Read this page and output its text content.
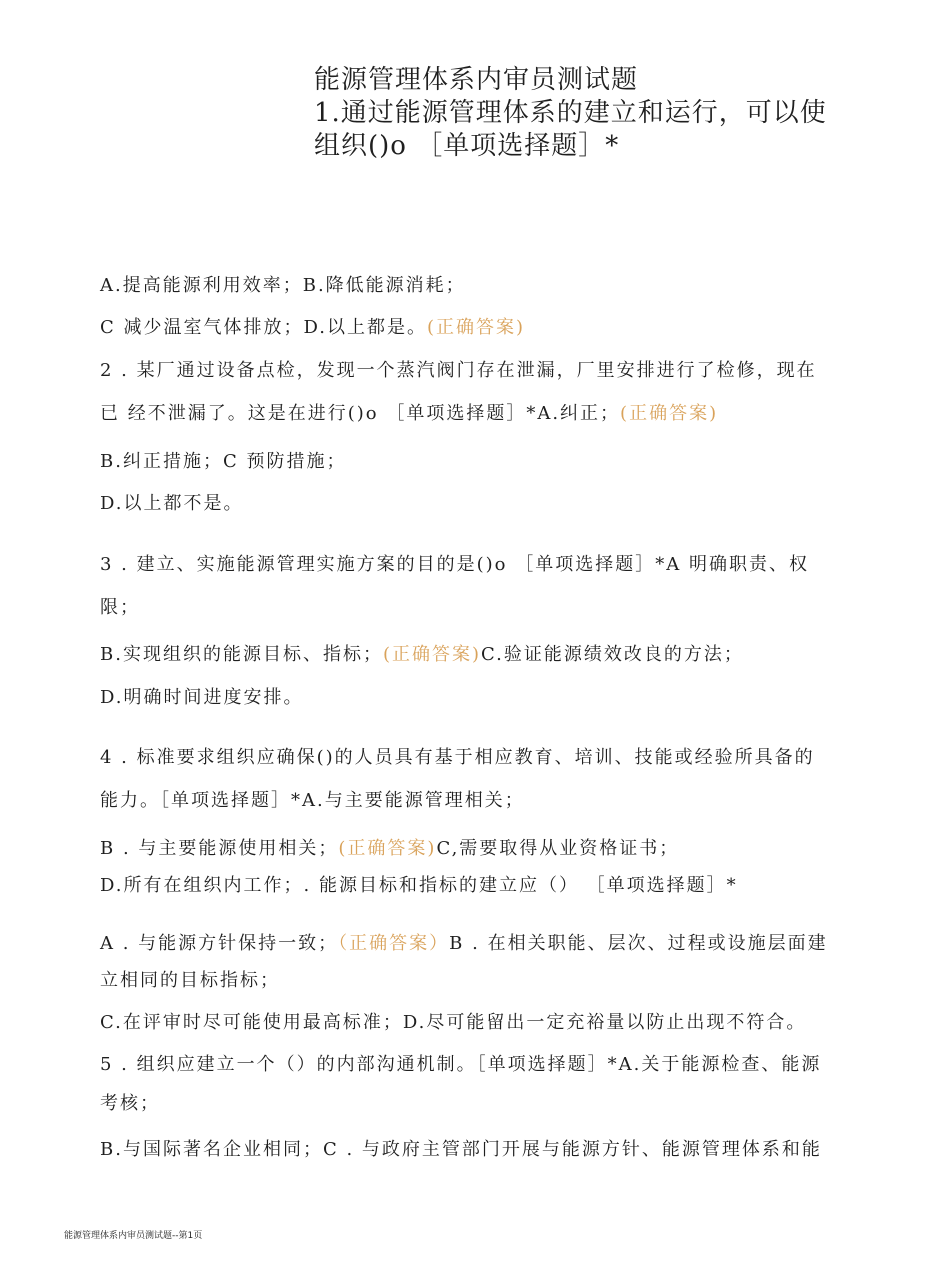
能源管理体系内审员测试题
1.通过能源管理体系的建立和运行，可以使
组织()o ［单项选择题］*
A.提高能源利用效率；B.降低能源消耗；
C 减少温室气体排放；D.以上都是。(正确答案)
2 . 某厂通过设备点检，发现一个蒸汽阀门存在泄漏，厂里安排进行了检修，现在
已 经不泄漏了。这是在进行()o ［单项选择题］*A.纠正；(正确答案)
B.纠正措施；C 预防措施；
D.以上都不是。
3 . 建立、实施能源管理实施方案的目的是()o ［单项选择题］*A 明确职责、权
限；
B.实现组织的能源目标、指标；(正确答案)C.验证能源绩效改良的方法；
D.明确时间进度安排。
4 . 标准要求组织应确保()的人员具有基于相应教育、培训、技能或经验所具备的
能力。［单项选择题］*A.与主要能源管理相关；
B . 与主要能源使用相关；(正确答案)C,需要取得从业资格证书；
D.所有在组织内工作；. 能源目标和指标的建立应（） ［单项选择题］*
A . 与能源方针保持一致；（正确答案）B . 在相关职能、层次、过程或设施层面建
立相同的目标指标；
C.在评审时尽可能使用最高标准；D.尽可能留出一定充裕量以防止出现不符合。
5 . 组织应建立一个（）的内部沟通机制。［单项选择题］*A.关于能源检查、能源
考核；
B.与国际著名企业相同；C . 与政府主管部门开展与能源方针、能源管理体系和能
能源管理体系内审员测试题--第1页
